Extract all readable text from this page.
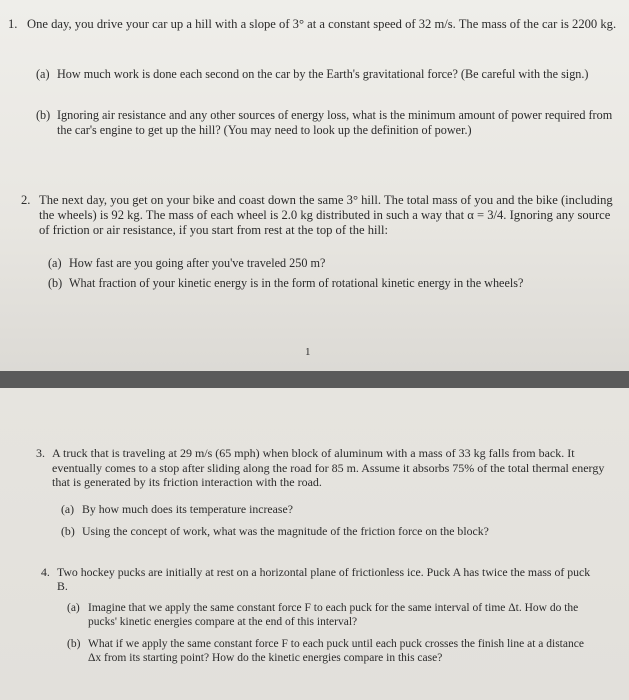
1. One day, you drive your car up a hill with a slope of 3° at a constant speed of 32 m/s. The mass of the car is 2200 kg.
(a) How much work is done each second on the car by the Earth's gravitational force? (Be careful with the sign.)
(b) Ignoring air resistance and any other sources of energy loss, what is the minimum amount of power required from the car's engine to get up the hill? (You may need to look up the definition of power.)
2. The next day, you get on your bike and coast down the same 3° hill. The total mass of you and the bike (including the wheels) is 92 kg. The mass of each wheel is 2.0 kg distributed in such a way that α = 3/4. Ignoring any source of friction or air resistance, if you start from rest at the top of the hill:
(a) How fast are you going after you've traveled 250 m?
(b) What fraction of your kinetic energy is in the form of rotational kinetic energy in the wheels?
1
3. A truck that is traveling at 29 m/s (65 mph) when block of aluminum with a mass of 33 kg falls from back. It eventually comes to a stop after sliding along the road for 85 m. Assume it absorbs 75% of the total thermal energy that is generated by its friction interaction with the road.
(a) By how much does its temperature increase?
(b) Using the concept of work, what was the magnitude of the friction force on the block?
4. Two hockey pucks are initially at rest on a horizontal plane of frictionless ice. Puck A has twice the mass of puck B.
(a) Imagine that we apply the same constant force F to each puck for the same interval of time Δt. How do the pucks' kinetic energies compare at the end of this interval?
(b) What if we apply the same constant force F to each puck until each puck crosses the finish line at a distance Δx from its starting point? How do the kinetic energies compare in this case?
